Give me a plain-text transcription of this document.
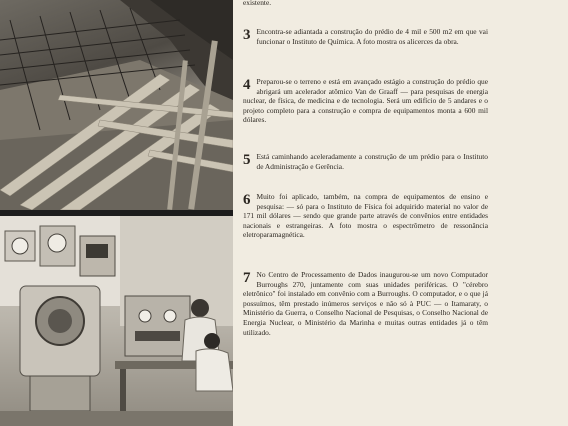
existente.
3 Encontra-se adiantada a construção do prédio de 4 mil e 500 m2 em que vai funcionar o Instituto de Química. A foto mostra os alicerces da obra.
4 Preparou-se o terreno e está em avançado estágio a construção do prédio que abrigará um acelerador atômico Van de Graaff — para pesquisas de energia nuclear, de física, de medicina e de tecnologia. Será um edifício de 5 andares e o projeto completo para a construção e compra de equipamentos monta a 600 mil dólares.
5 Está caminhando aceleradamente a construção de um prédio para o Instituto de Administração e Gerência.
6 Muito foi aplicado, também, na compra de equipamentos de ensino e pesquisa: — só para o Instituto de Física foi adquirido material no valor de 171 mil dólares — sendo que grande parte através de convênios entre entidades nacionais e estrangeiras. A foto mostra o espectrômetro de ressonância eletroparamagnética.
7 No Centro de Processamento de Dados inaugurou-se um novo Computador Burroughs 270, juntamente com suas unidades periféricas. O "cérebro eletrônico" foi instalado em convênio com a Burroughs. O computador, e o que já possuímos, têm prestado inúmeros serviços e não só à PUC — o Itamaraty, o Ministério da Guerra, o Conselho Nacional de Pesquisas, o Conselho Nacional de Energia Nuclear, o Ministério da Marinha e muitas outras entidades já o têm utilizado.
